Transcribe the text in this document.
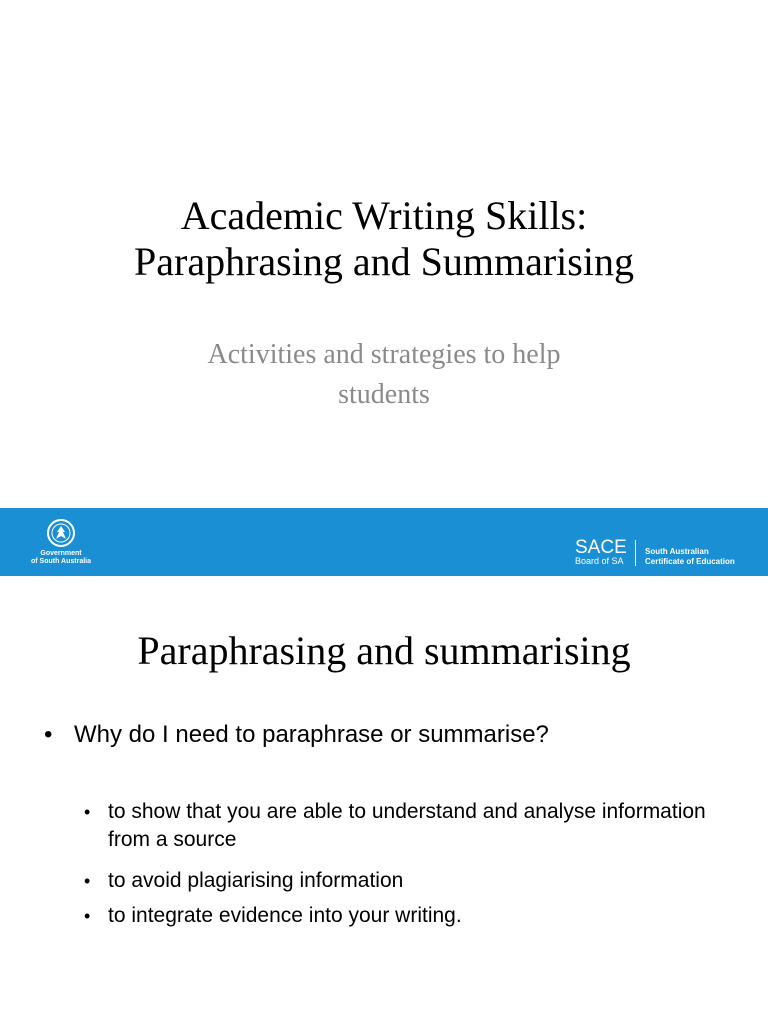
Academic Writing Skills:
Paraphrasing and Summarising
Activities and strategies to help
students
Government
of South Australia
SACE
Board of SA
South Australian
Certificate of Education
Paraphrasing and summarising
• Why do I need to paraphrase or summarise?
• to show that you are able to understand and analyse information from a source
• to avoid plagiarising information
• to integrate evidence into your writing.
